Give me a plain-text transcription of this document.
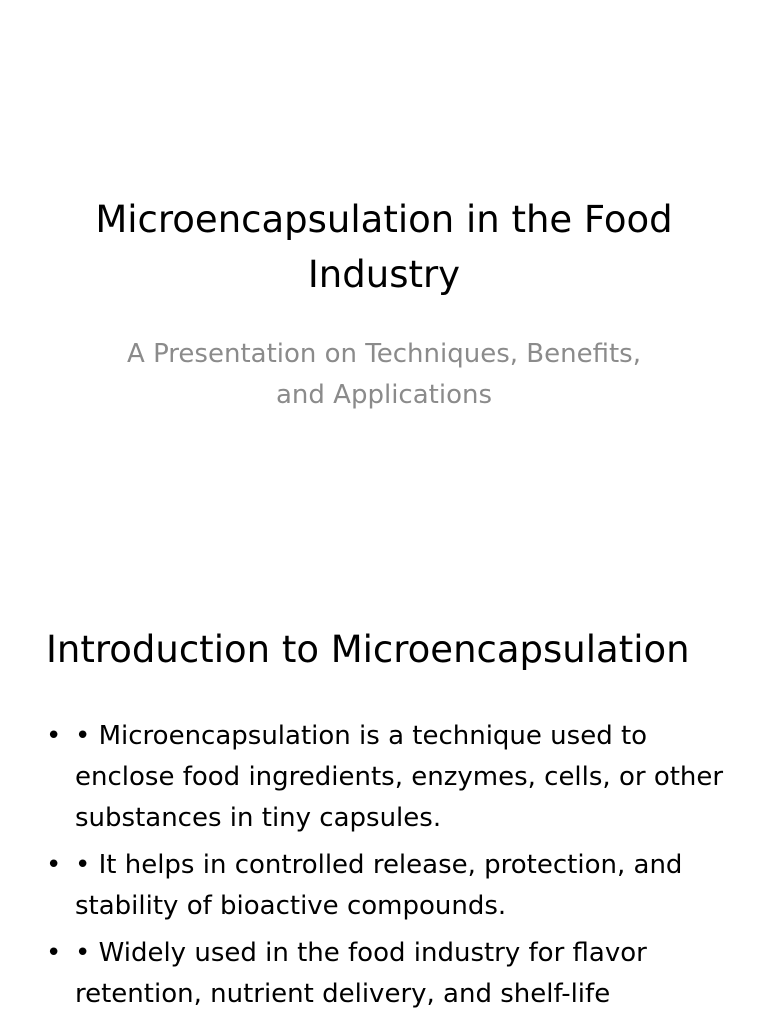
Microencapsulation in the Food Industry

A Presentation on Techniques, Benefits, and Applications

Introduction to Microencapsulation
• • Microencapsulation is a technique used to enclose food ingredients, enzymes, cells, or other substances in tiny capsules.
• • It helps in controlled release, protection, and stability of bioactive compounds.
• • Widely used in the food industry for flavor retention, nutrient delivery, and shelf-life
